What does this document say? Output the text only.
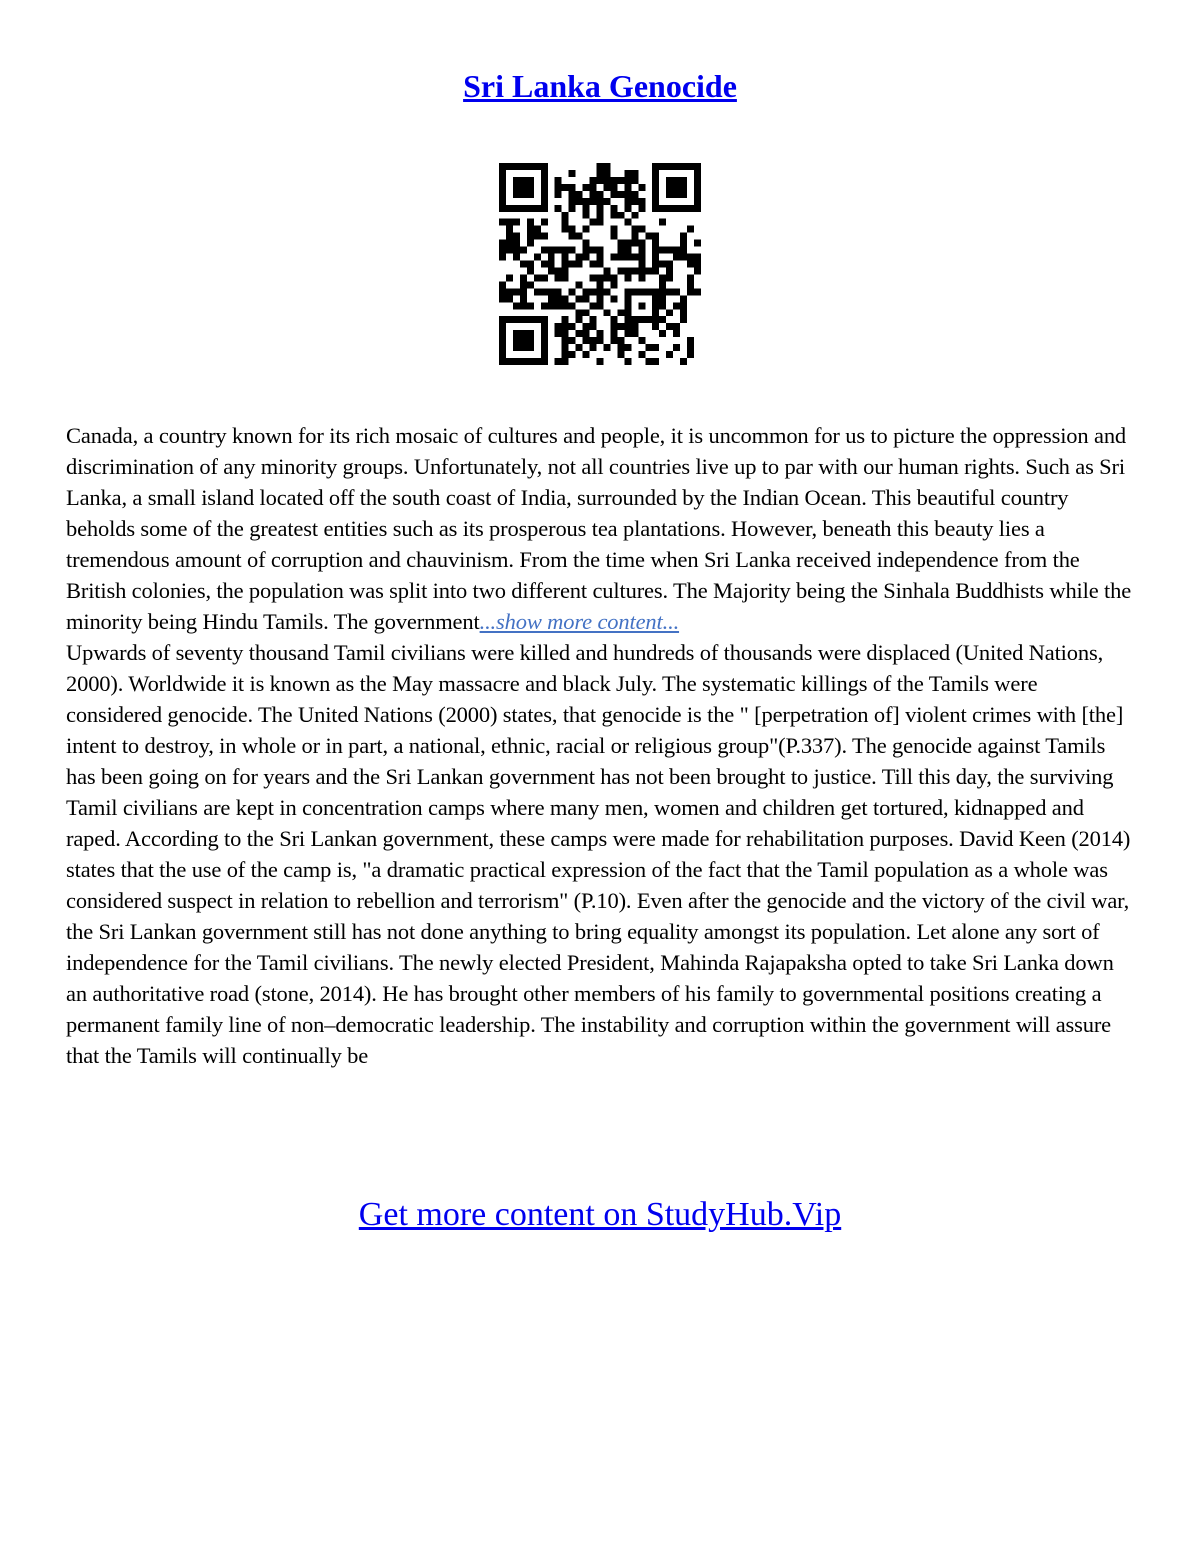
Sri Lanka Genocide

Canada, a country known for its rich mosaic of cultures and people, it is uncommon for us to picture the oppression and discrimination of any minority groups. Unfortunately, not all countries live up to par with our human rights. Such as Sri Lanka, a small island located off the south coast of India, surrounded by the Indian Ocean. This beautiful country beholds some of the greatest entities such as its prosperous tea plantations. However, beneath this beauty lies a tremendous amount of corruption and chauvinism. From the time when Sri Lanka received independence from the British colonies, the population was split into two different cultures. The Majority being the Sinhala Buddhists while the minority being Hindu Tamils. The government...show more content...

Upwards of seventy thousand Tamil civilians were killed and hundreds of thousands were displaced (United Nations, 2000). Worldwide it is known as the May massacre and black July. The systematic killings of the Tamils were considered genocide. The United Nations (2000) states, that genocide is the " [perpetration of] violent crimes with [the] intent to destroy, in whole or in part, a national, ethnic, racial or religious group"(P.337). The genocide against Tamils has been going on for years and the Sri Lankan government has not been brought to justice. Till this day, the surviving Tamil civilians are kept in concentration camps where many men, women and children get tortured, kidnapped and raped. According to the Sri Lankan government, these camps were made for rehabilitation purposes. David Keen (2014) states that the use of the camp is, "a dramatic practical expression of the fact that the Tamil population as a whole was considered suspect in relation to rebellion and terrorism" (P.10). Even after the genocide and the victory of the civil war, the Sri Lankan government still has not done anything to bring equality amongst its population. Let alone any sort of independence for the Tamil civilians. The newly elected President, Mahinda Rajapaksha opted to take Sri Lanka down an authoritative road (stone, 2014). He has brought other members of his family to governmental positions creating a permanent family line of non–democratic leadership. The instability and corruption within the government will assure that the Tamils will continually be

Get more content on StudyHub.Vip
